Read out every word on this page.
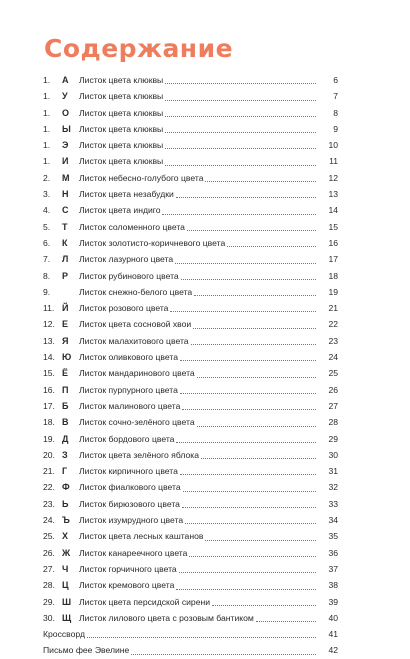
Содержание
1.	А Листок цвета клюквы	6
1.	У Листок цвета клюквы	7
1.	О Листок цвета клюквы	8
1.	Ы Листок цвета клюквы	9
1.	Э Листок цвета клюквы	10
1.	И Листок цвета клюквы	11
2.	М Листок небесно-голубого цвета	12
3.	Н Листок цвета незабудки	13
4.	С Листок цвета индиго	14
5.	Т Листок соломенного цвета	15
6.	К Листок золотисто-коричневого цвета	16
7.	Л Листок лазурного цвета	17
8.	Р Листок рубинового цвета	18
9.	Листок снежно-белого цвета	19
11. Й Листок розового цвета	21
12. Е Листок цвета сосновой хвои	22
13. Я Листок малахитового цвета	23
14. Ю Листок оливкового цвета	24
15. Ё Листок мандаринового цвета	25
16. П Листок пурпурного цвета	26
17. Б Листок малинового цвета	27
18. В Листок сочно-зелёного цвета	28
19. Д Листок бордового цвета	29
20. З Листок цвета зелёного яблока	30
21. Г Листок кирпичного цвета	31
22. Ф Листок фиалкового цвета	32
23. Ь Листок бирюзового цвета	33
24. Ъ Листок изумрудного цвета	34
25. Х Листок цвета лесных каштанов	35
26. Ж Листок канареечного цвета	36
27. Ч Листок горчичного цвета	37
28. Ц Листок кремового цвета	38
29. Ш Листок цвета персидской сирени	39
30. Щ Листок лилового цвета с розовым бантиком	40
Кроссворд	41
Письмо фее Эвелине	42
